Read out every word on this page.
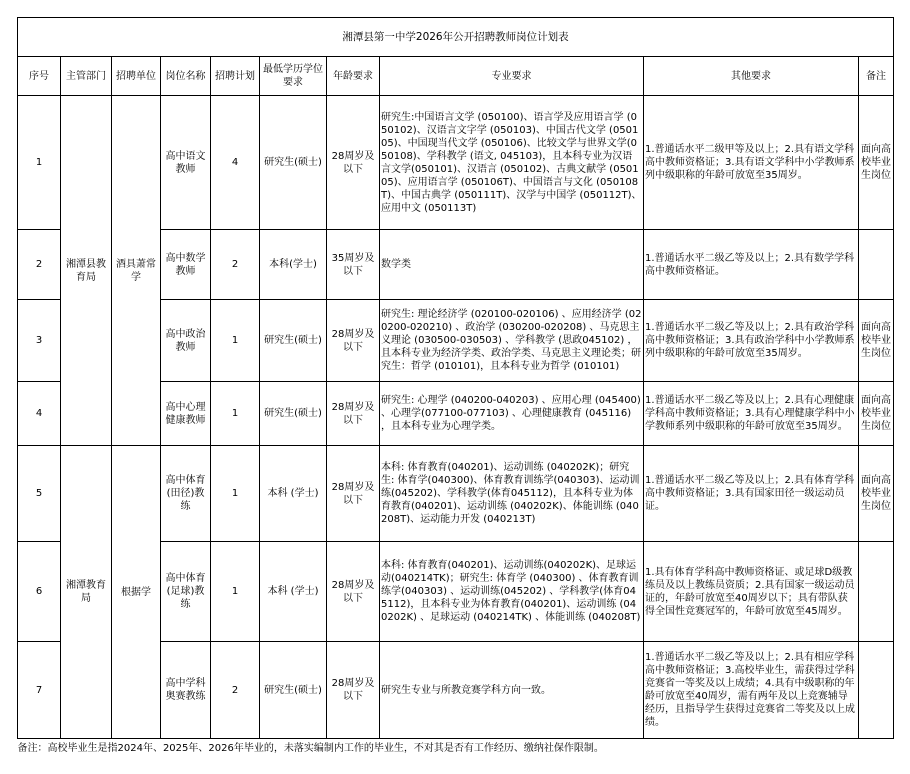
湘潭县第一中学2026年公开招聘教师岗位计划表									
序号	主管部门	招聘单位	岗位名称	招聘计划	最低学历学位要求	年龄要求	专业要求	其他要求	备注
1	湘潭县教育局	酒具萧常学	高中语文教师	4	研究生(硕士)	28周岁及以下	研究生:中国语言文学 (050100)、语言学及应用语言学 (050102)、汉语言文字学 (050103)、中国古代文学 (050105)、中国现当代文学 (050106)、比较文学与世界文学(050108)、学科教学 (语文, 045103)，且本科专业为汉语言文学(050101)、汉语言 (050102)、古典文献学 (050105)、应用语言学 (050106T)、中国语言与文化 (050108T)、中国古典学 (050111T)、汉学与中国学 (050112T)、应用中文 (050113T)	1.普通话水平二级甲等及以上；2.具有语文学科高中教师资格证；3.具有语文学科中小学教师系列中级职称的年龄可放宽至35周岁。	面向高校毕业生岗位
2			高中数学教师	2	本科(学士)	35周岁及以下	数学类	1.普通话水平二级乙等及以上；2.具有数学学科高中教师资格证。	
3			高中政治教师	1	研究生(硕士)	28周岁及以下	研究生: 理论经济学 (020100-020106) 、应用经济学 (020200-020210) 、政治学 (030200-020208) 、马克思主义理论 (030500-030503) 、学科教学 (思政045102) ，且本科专业为经济学类、政治学类、马克思主义理论类；研究生：哲学 (010101)，且本科专业为哲学 (010101)	1.普通话水平二级乙等及以上；2.具有政治学科高中教师资格证；3.具有政治学科中小学教师系列中级职称的年龄可放宽至35周岁。	面向高校毕业生岗位
4			高中心理健康教师	1	研究生(硕士)	28周岁及以下	研究生: 心理学 (040200-040203) 、应用心理 (045400) 、心理学(077100-077103) 、心理健康教育 (045116) ，且本科专业为心理学类。	1.普通话水平二级乙等及以上；2.具有心理健康学科高中教师资格证；3.具有心理健康学科中小学教师系列中级职称的年龄可放宽至35周岁。	面向高校毕业生岗位
5	湘潭教育局	根据学	高中体育(田径)教练	1	本科 (学士)	28周岁及以下	本科: 体育教育(040201)、运动训练 (040202K)；研究生: 体育学(040300)、体育教育训练学(040303)、运动训练(045202)、学科教学(体育045112)，且本科专业为体育教育(040201)、运动训练 (040202K)、体能训练 (040208T)、运动能力开发 (040213T)	1.普通话水平二级乙等及以上；2.具有体育学科高中教师资格证；3.具有国家田径一级运动员证。	面向高校毕业生岗位
6			高中体育(足球)教练	1	本科 (学士)	28周岁及以下	本科: 体育教育(040201)、运动训练(040202K)、足球运动(040214TK)；研究生: 体育学 (040300) 、体育教育训练学(040303) 、运动训练(045202) 、学科教学(体育045112)，且本科专业为体育教育(040201)、运动训练 (040202K) 、足球运动 (040214TK) 、体能训练 (040208T)	1.具有体育学科高中教师资格证、或足球D级教练员及以上教练员资质；2.具有国家一级运动员证的，年龄可放宽至40周岁以下；具有带队获得全国性竞赛冠军的，年龄可放宽至45周岁。	
7			高中学科奥赛教练	2	研究生(硕士)	28周岁及以下	研究生专业与所教竞赛学科方向一致。	1.普通话水平二级乙等及以上；2.具有相应学科高中教师资格证；3.高校毕业生，需获得过学科竞赛省一等奖及以上成绩；4.具有中级职称的年龄可放宽至40周岁，需有两年及以上竞赛辅导经历，且指导学生获得过竞赛省二等奖及以上成绩。	
备注：高校毕业生是指2024年、2025年、2026年毕业的，未落实编制内工作的毕业生，不对其是否有工作经历、缴纳社保作限制。									
